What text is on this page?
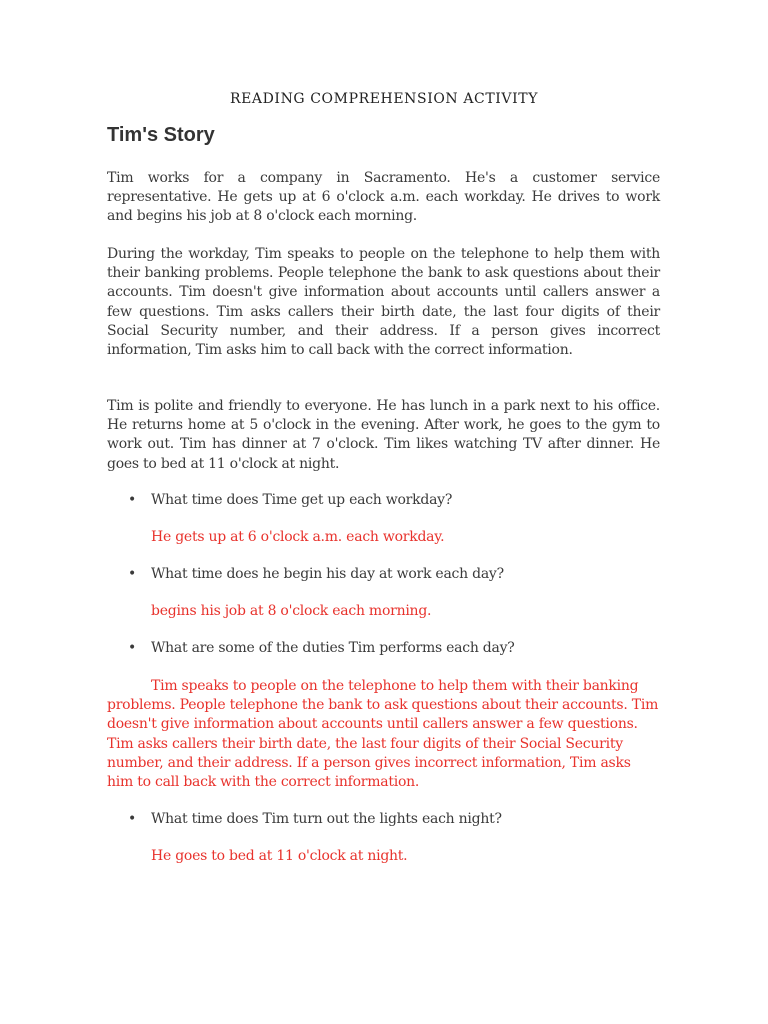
READING COMPREHENSION ACTIVITY
Tim's Story

Tim works for a company in Sacramento. He's a customer service representative. He gets up at 6 o'clock a.m. each workday. He drives to work and begins his job at 8 o'clock each morning.

During the workday, Tim speaks to people on the telephone to help them with their banking problems. People telephone the bank to ask questions about their accounts. Tim doesn't give information about accounts until callers answer a few questions. Tim asks callers their birth date, the last four digits of their Social Security number, and their address. If a person gives incorrect information, Tim asks him to call back with the correct information.

Tim is polite and friendly to everyone. He has lunch in a park next to his office. He returns home at 5 o'clock in the evening. After work, he goes to the gym to work out. Tim has dinner at 7 o'clock. Tim likes watching TV after dinner. He goes to bed at 11 o'clock at night.

• What time does Time get up each workday?
He gets up at 6 o'clock a.m. each workday.
• What time does he begin his day at work each day?
begins his job at 8 o'clock each morning.
• What are some of the duties Tim performs each day?

Tim speaks to people on the telephone to help them with their banking problems. People telephone the bank to ask questions about their accounts. Tim doesn't give information about accounts until callers answer a few questions. Tim asks callers their birth date, the last four digits of their Social Security number, and their address. If a person gives incorrect information, Tim asks him to call back with the correct information.

• What time does Tim turn out the lights each night?
He goes to bed at 11 o'clock at night.
